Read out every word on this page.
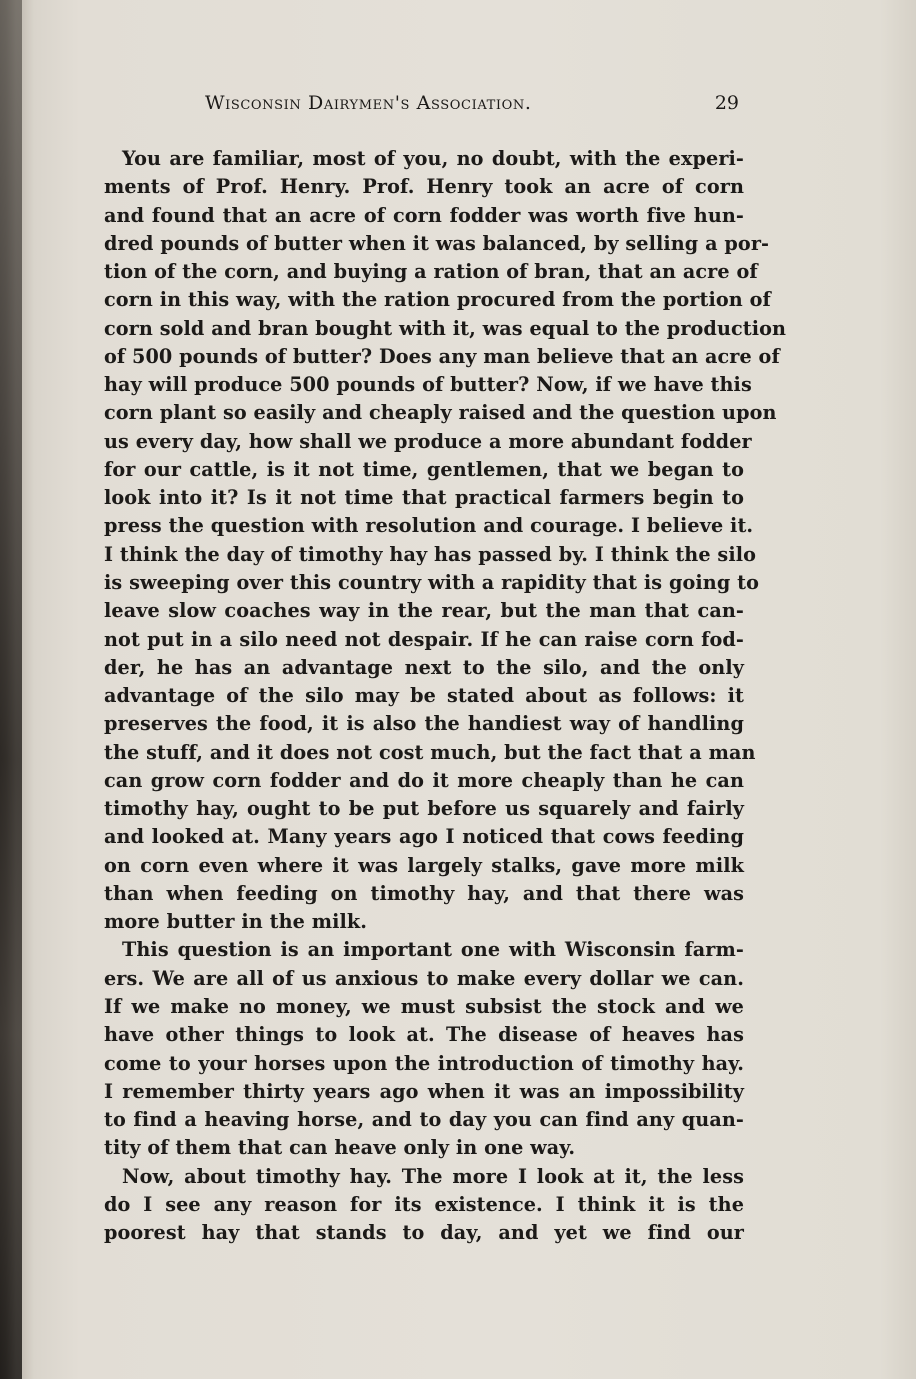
Wisconsin Dairymen's Association.	29
You are familiar, most of you, no doubt, with the experi-
ments of Prof. Henry. Prof. Henry took an acre of corn
and found that an acre of corn fodder was worth five hun-
dred pounds of butter when it was balanced, by selling a por-
tion of the corn, and buying a ration of bran, that an acre of
corn in this way, with the ration procured from the portion of
corn sold and bran bought with it, was equal to the production
of 500 pounds of butter? Does any man believe that an acre of
hay will produce 500 pounds of butter? Now, if we have this
corn plant so easily and cheaply raised and the question upon
us every day, how shall we produce a more abundant fodder
for our cattle, is it not time, gentlemen, that we began to
look into it? Is it not time that practical farmers begin to
press the question with resolution and courage. I believe it.
I think the day of timothy hay has passed by. I think the silo
is sweeping over this country with a rapidity that is going to
leave slow coaches way in the rear, but the man that can-
not put in a silo need not despair. If he can raise corn fod-
der, he has an advantage next to the silo, and the only
advantage of the silo may be stated about as follows: it
preserves the food, it is also the handiest way of handling
the stuff, and it does not cost much, but the fact that a man
can grow corn fodder and do it more cheaply than he can
timothy hay, ought to be put before us squarely and fairly
and looked at. Many years ago I noticed that cows feeding
on corn even where it was largely stalks, gave more milk
than when feeding on timothy hay, and that there was
more butter in the milk.
This question is an important one with Wisconsin farm-
ers. We are all of us anxious to make every dollar we can.
If we make no money, we must subsist the stock and we
have other things to look at. The disease of heaves has
come to your horses upon the introduction of timothy hay.
I remember thirty years ago when it was an impossibility
to find a heaving horse, and to day you can find any quan-
tity of them that can heave only in one way.
Now, about timothy hay. The more I look at it, the less
do I see any reason for its existence. I think it is the
poorest hay that stands to day, and yet we find our
